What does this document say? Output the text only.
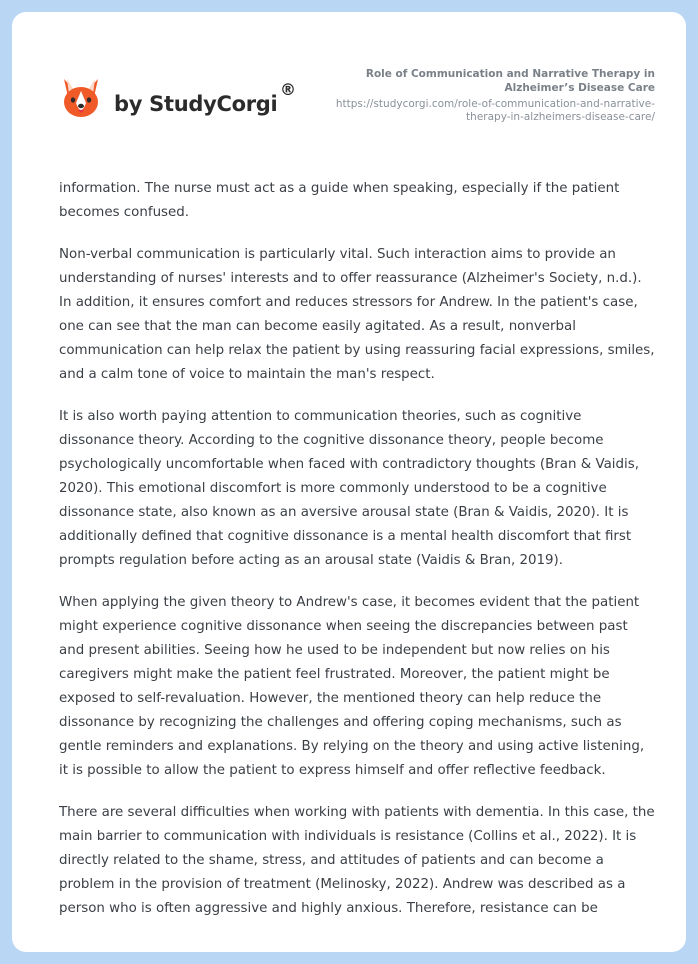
by StudyCorgi
®
Role of Communication and Narrative Therapy in
Alzheimer’s Disease Care
https://studycorgi.com/role-of-communication-and-narrative-
therapy-in-alzheimers-disease-care/

information. The nurse must act as a guide when speaking, especially if the patient becomes confused.

Non-verbal communication is particularly vital. Such interaction aims to provide an understanding of nurses' interests and to offer reassurance (Alzheimer's Society, n.d.). In addition, it ensures comfort and reduces stressors for Andrew. In the patient's case, one can see that the man can become easily agitated. As a result, nonverbal communication can help relax the patient by using reassuring facial expressions, smiles, and a calm tone of voice to maintain the man's respect.

It is also worth paying attention to communication theories, such as cognitive dissonance theory. According to the cognitive dissonance theory, people become psychologically uncomfortable when faced with contradictory thoughts (Bran & Vaidis, 2020). This emotional discomfort is more commonly understood to be a cognitive dissonance state, also known as an aversive arousal state (Bran & Vaidis, 2020). It is additionally defined that cognitive dissonance is a mental health discomfort that first prompts regulation before acting as an arousal state (Vaidis & Bran, 2019).

When applying the given theory to Andrew's case, it becomes evident that the patient might experience cognitive dissonance when seeing the discrepancies between past and present abilities. Seeing how he used to be independent but now relies on his caregivers might make the patient feel frustrated. Moreover, the patient might be exposed to self-revaluation. However, the mentioned theory can help reduce the dissonance by recognizing the challenges and offering coping mechanisms, such as gentle reminders and explanations. By relying on the theory and using active listening, it is possible to allow the patient to express himself and offer reflective feedback.

There are several difficulties when working with patients with dementia. In this case, the main barrier to communication with individuals is resistance (Collins et al., 2022). It is directly related to the shame, stress, and attitudes of patients and can become a problem in the provision of treatment (Melinosky, 2022). Andrew was described as a person who is often aggressive and highly anxious. Therefore, resistance can be
